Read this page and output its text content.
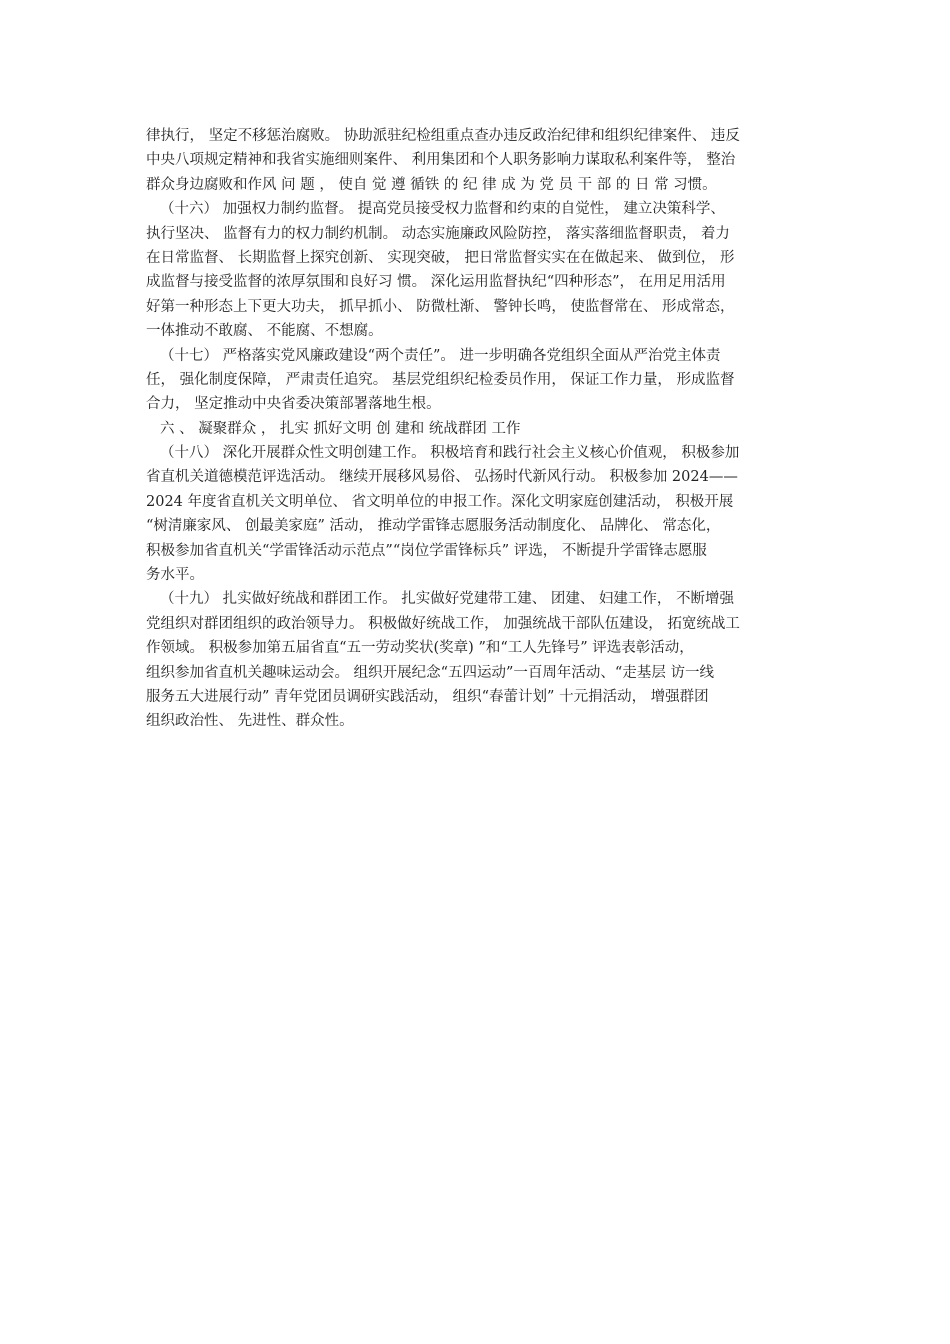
律执行， 坚定不移惩治腐败。 协助派驻纪检组重点查办违反政治纪律和组织纪律案件、 违反
中央八项规定精神和我省实施细则案件、 利用集团和个人职务影响力谋取私利案件等， 整治
群众身边腐败和作风 问 题 ， 使自 觉 遵 循铁 的 纪 律 成 为 党 员 干 部 的 日 常 习惯。
（十六） 加强权力制约监督。 提高党员接受权力监督和约束的自觉性， 建立决策科学、
执行坚决、 监督有力的权力制约机制。 动态实施廉政风险防控， 落实落细监督职责， 着力
在日常监督、 长期监督上探究创新、 实现突破， 把日常监督实实在在做起来、 做到位， 形
成监督与接受监督的浓厚氛围和良好习 惯。 深化运用监督执纪“四种形态”， 在用足用活用
好第一种形态上下更大功夫， 抓早抓小、 防微杜渐、 警钟长鸣， 使监督常在、 形成常态，
一体推动不敢腐、 不能腐、不想腐。
（十七） 严格落实党风廉政建设“两个责任”。 进一步明确各党组织全面从严治党主体责
任， 强化制度保障， 严肃责任追究。 基层党组织纪检委员作用， 保证工作力量， 形成监督
合力， 坚定推动中央省委决策部署落地生根。
六 、 凝聚群众 ， 扎实 抓好文明 创 建和 统战群团 工作
（十八） 深化开展群众性文明创建工作。 积极培育和践行社会主义核心价值观， 积极参加
省直机关道德模范评选活动。 继续开展移风易俗、 弘扬时代新风行动。 积极参加 2024——
2024 年度省直机关文明单位、 省文明单位的申报工作。深化文明家庭创建活动， 积极开展
“树清廉家风、 创最美家庭” 活动， 推动学雷锋志愿服务活动制度化、 品牌化、 常态化，
积极参加省直机关“学雷锋活动示范点”“岗位学雷锋标兵” 评选， 不断提升学雷锋志愿服
务水平。
（十九） 扎实做好统战和群团工作。 扎实做好党建带工建、 团建、 妇建工作， 不断增强
党组织对群团组织的政治领导力。 积极做好统战工作， 加强统战干部队伍建设， 拓宽统战工
作领域。 积极参加第五届省直“五一劳动奖状(奖章) ”和“工人先锋号” 评选表彰活动，
组织参加省直机关趣味运动会。 组织开展纪念“五四运动”一百周年活动、“走基层 访一线
服务五大进展行动” 青年党团员调研实践活动， 组织“春蕾计划” 十元捐活动， 增强群团
组织政治性、 先进性、群众性。
